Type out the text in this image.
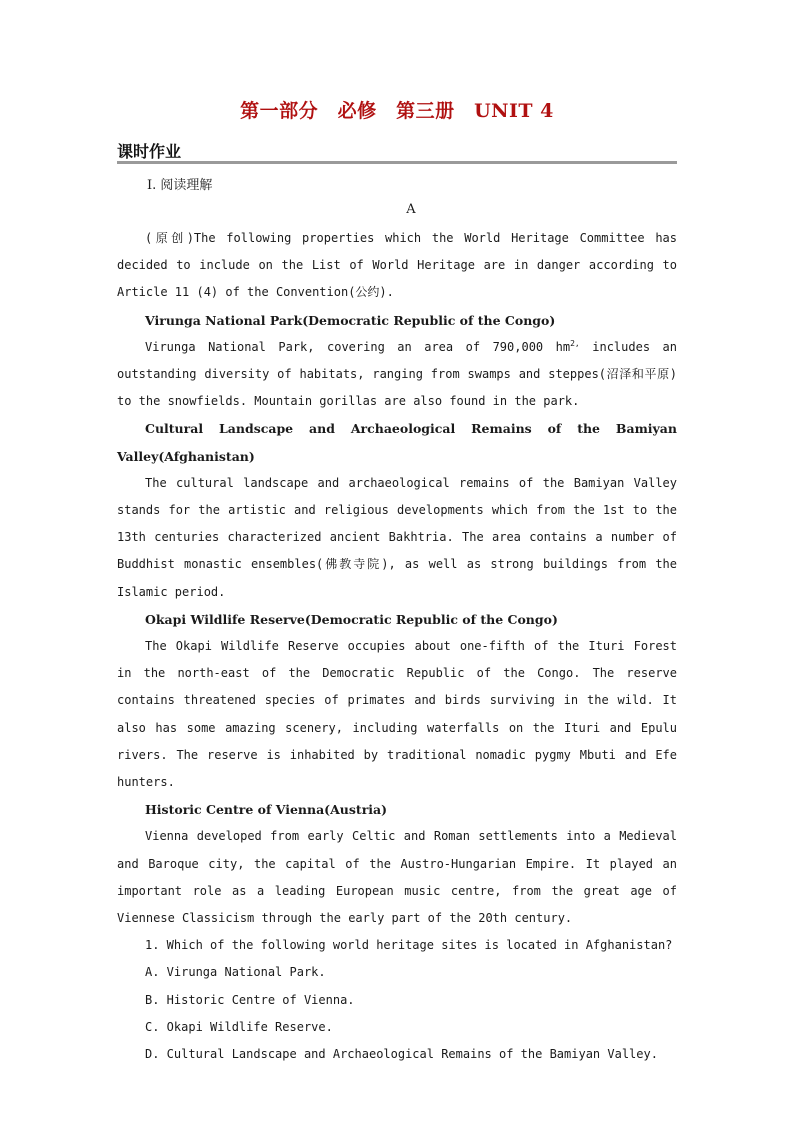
第一部分　必修　第三册　UNIT 4
课时作业
Ⅰ. 阅读理解
A

(原创)The following properties which the World Heritage Committee has decided to include on the List of World Heritage are in danger according to Article 11 (4) of the Convention(公约).

Virunga National Park(Democratic Republic of the Congo)

Virunga National Park, covering an area of 790,000 $hm^{2,}$ includes an outstanding diversity of habitats, ranging from swamps and steppes(沼泽和平原) to the snowfields. Mountain gorillas are also found in the park.

Cultural Landscape and Archaeological Remains of the Bamiyan Valley(Afghanistan)

The cultural landscape and archaeological remains of the Bamiyan Valley stands for the artistic and religious developments which from the 1st to the 13th centuries characterized ancient Bakhtria. The area contains a number of Buddhist monastic ensembles(佛教寺院), as well as strong buildings from the Islamic period.

Okapi Wildlife Reserve(Democratic Republic of the Congo)

The Okapi Wildlife Reserve occupies about one-fifth of the Ituri Forest in the north-east of the Democratic Republic of the Congo. The reserve contains threatened species of primates and birds surviving in the wild. It also has some amazing scenery, including waterfalls on the Ituri and Epulu rivers. The reserve is inhabited by traditional nomadic pygmy Mbuti and Efe hunters.

Historic Centre of Vienna(Austria)

Vienna developed from early Celtic and Roman settlements into a Medieval and Baroque city, the capital of the Austro-Hungarian Empire. It played an important role as a leading European music centre, from the great age of Viennese Classicism through the early part of the 20th century.

1. Which of the following world heritage sites is located in Afghanistan?

A. Virunga National Park.

B. Historic Centre of Vienna.

C. Okapi Wildlife Reserve.

D. Cultural Landscape and Archaeological Remains of the Bamiyan Valley.
